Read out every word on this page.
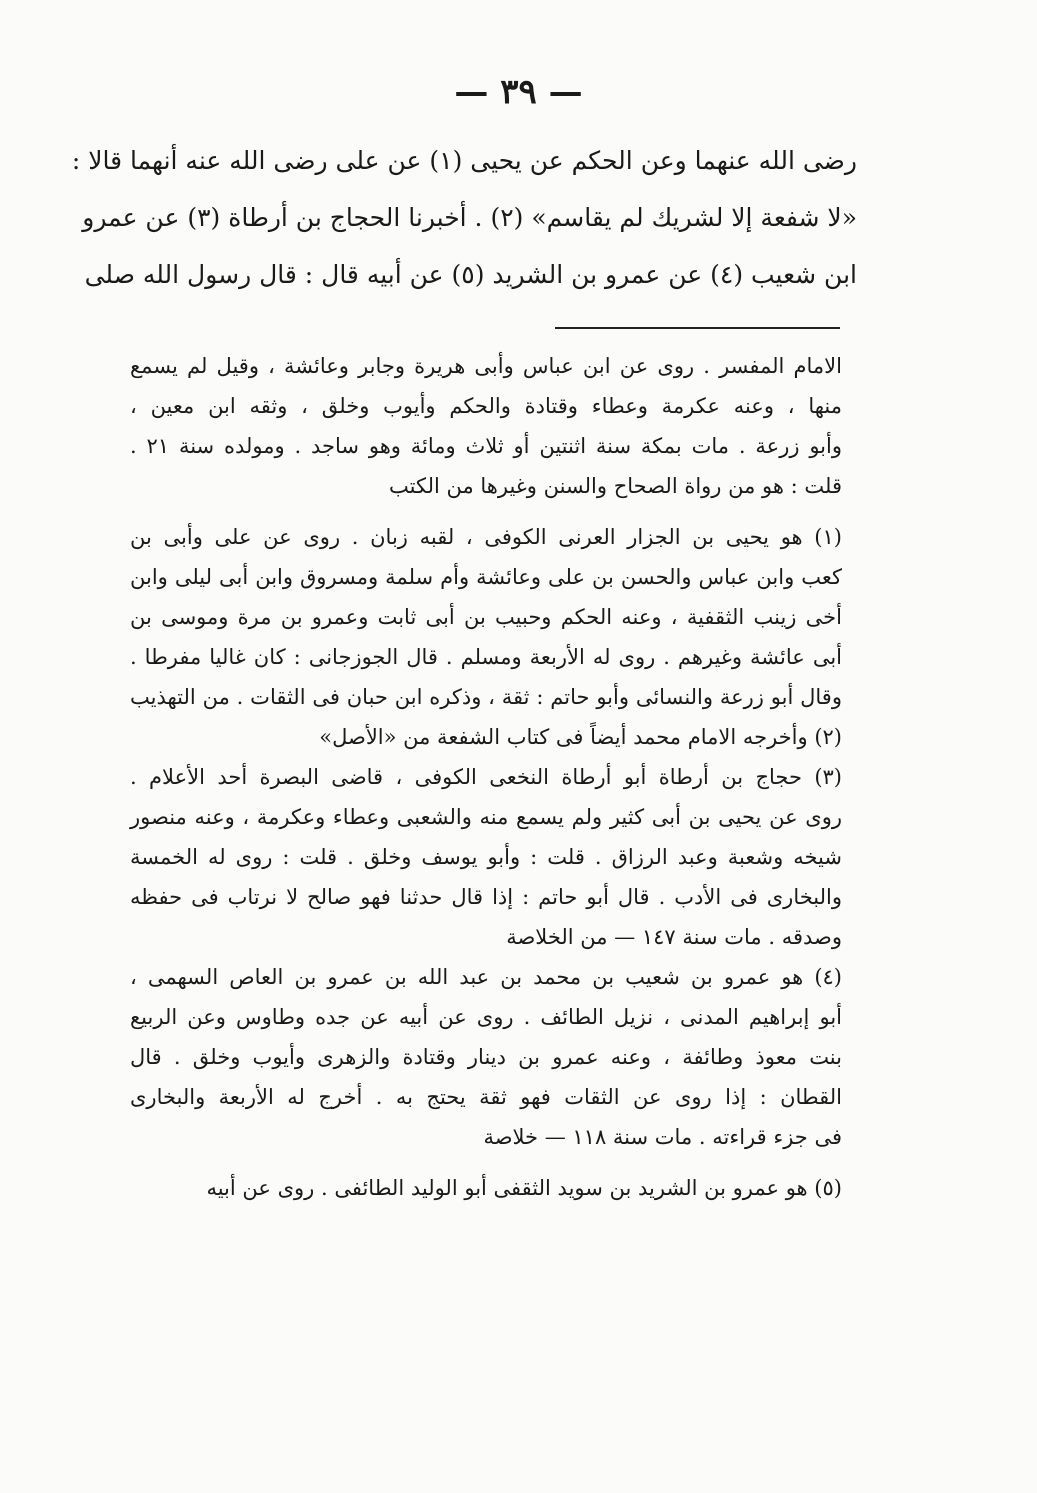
— ٣٩ —
رضى الله عنهما وعن الحكم عن يحيى (١) عن على رضى الله عنه أنهما قالا :
«لا شفعة إلا لشريك لم يقاسم» (٢) . أخبرنا الحجاج بن أرطاة (٣) عن عمرو
ابن شعيب (٤) عن عمرو بن الشريد (٥) عن أبيه قال : قال رسول الله صلى
الامام المفسر . روى عن ابن عباس وأبى هريرة وجابر وعائشة ، وقيل لم يسمع
منها ، وعنه عكرمة وعطاء وقتادة والحكم وأيوب وخلق ، وثقه ابن معين ،
وأبو زرعة . مات بمكة سنة اثنتين أو ثلاث ومائة وهو ساجد . ومولده سنة ٢١ .
قلت : هو من رواة الصحاح والسنن وغيرها من الكتب
(١) هو يحيى بن الجزار العرنى الكوفى ، لقبه زبان . روى عن على وأبى بن
كعب وابن عباس والحسن بن على وعائشة وأم سلمة ومسروق وابن أبى ليلى وابن
أخى زينب الثقفية ، وعنه الحكم وحبيب بن أبى ثابت وعمرو بن مرة وموسى بن
أبى عائشة وغيرهم . روى له الأربعة ومسلم . قال الجوزجانى : كان غاليا مفرطا .
وقال أبو زرعة والنسائى وأبو حاتم : ثقة ، وذكره ابن حبان فى الثقات . من التهذيب
(٢) وأخرجه الامام محمد أيضاً فى كتاب الشفعة من «الأصل»
(٣) حجاج بن أرطاة أبو أرطاة النخعى الكوفى ، قاضى البصرة أحد الأعلام .
روى عن يحيى بن أبى كثير ولم يسمع منه والشعبى وعطاء وعكرمة ، وعنه منصور
شيخه وشعبة وعبد الرزاق . قلت : وأبو يوسف وخلق . قلت : روى له الخمسة
والبخارى فى الأدب . قال أبو حاتم : إذا قال حدثنا فهو صالح لا نرتاب فى حفظه
وصدقه . مات سنة ١٤٧ — من الخلاصة
(٤) هو عمرو بن شعيب بن محمد بن عبد الله بن عمرو بن العاص السهمى ،
أبو إبراهيم المدنى ، نزيل الطائف . روى عن أبيه عن جده وطاوس وعن الربيع
بنت معوذ وطائفة ، وعنه عمرو بن دينار وقتادة والزهرى وأيوب وخلق . قال
القطان : إذا روى عن الثقات فهو ثقة يحتج به . أخرج له الأربعة والبخارى
فى جزء قراءته . مات سنة ١١٨ — خلاصة
(٥) هو عمرو بن الشريد بن سويد الثقفى أبو الوليد الطائفى . روى عن أبيه
